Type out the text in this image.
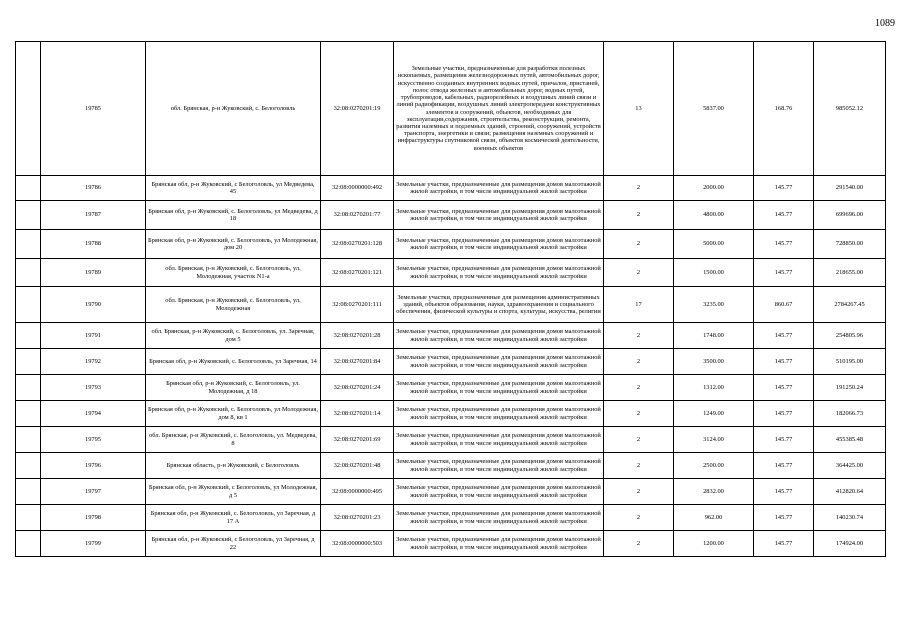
1089
	19785	обл. Брянская, р-н Жуковский, с. Белоголовль	32:08:0270201:19	Земельные участки, предназначенные для разработки полезных ископаемых, размещения железнодорожных путей, автомобильных дорог, искусственно созданных внутренних водных путей, причалов, пристаней, полос отвода железных и автомобильных дорог, водных путей, трубопроводов, кабельных, радиорелейных и воздушных линий связи и линий радиофикации, воздушных линий электропередачи конструктивных элементов и сооружений, объектов, необходимых для эксплуатации,содержания, строительства, реконструкции, ремонта, развития наземных и подземных зданий, строений, сооружений, устройств транспорта, энергетики и связи; размещения наземных сооружений и инфраструктуры спутниковой связи, объектов космической деятельности, военных объектов	13	5837.00	168.76	985052.12
	19786	Брянская обл, р-н Жуковский, с Белоголовль, ул Медведева, 45	32:08:0000000:492	Земельные участки, предназначенные для размещения домов малоэтажной жилой застройки, в том числе индивидуальной жилой застройки	2	2000.00	145.77	291540.00
	19787	Брянская обл, р-н Жуковский, с. Белоголовль, ул Медведева, д 18	32:08:0270201:77	Земельные участки, предназначенные для размещения домов малоэтажной жилой застройки, в том числе индивидуальной жилой застройки	2	4800.00	145.77	699696.00
	19788	Брянская обл, р-н Жуковский, с. Белоголовль, ул Молодежная, дом 20	32:08:0270201:128	Земельные участки, предназначенные для размещения домов малоэтажной жилой застройки, в том числе индивидуальной жилой застройки	2	5000.00	145.77	728850.00
	19789	обл. Брянская, р-н Жуковский, с. Белоголовль, ул. Молодежная, участок N1-а	32:08:0270201:121	Земельные участки, предназначенные для размещения домов малоэтажной жилой застройки, в том числе индивидуальной жилой застройки	2	1500.00	145.77	218655.00
	19790	обл. Брянская, р-н Жуковский, с. Белоголовль, ул. Молодежная	32:08:0270201:111	Земельные участки, предназначенные для размещения административных зданий, объектов образования, науки, здравоохранения и социального обеспечения, физической культуры и спорта, культуры, искусства, религии	17	3235.00	860.67	2784267.45
	19791	обл. Брянская, р-н Жуковский, с. Белоголовль, ул. Заречная, дом 5	32:08:0270201:28	Земельные участки, предназначенные для размещения домов малоэтажной жилой застройки, в том числе индивидуальной жилой застройки	2	1748.00	145.77	254805.96
	19792	Брянская обл, р-н Жуковский, с. Белоголовль, ул Заречная, 14	32:08:0270201:84	Земельные участки, предназначенные для размещения домов малоэтажной жилой застройки, в том числе индивидуальной жилой застройки	2	3500.00	145.77	510195.00
	19793	Брянская обл, р-н Жуковский, с. Белоголовль, ул. Молодежная, д 18	32:08:0270201:24	Земельные участки, предназначенные для размещения домов малоэтажной жилой застройки, в том числе индивидуальной жилой застройки	2	1312.00	145.77	191250.24
	19794	Брянская обл, р-н Жуковский, с. Белоголовль, ул Молодежная, дом 8, кв 1	32:08:0270201:14	Земельные участки, предназначенные для размещения домов малоэтажной жилой застройки, в том числе индивидуальной жилой застройки	2	1249.00	145.77	182066.73
	19795	обл. Брянская, р-н Жуковский, с. Белоголовль, ул. Медведева, 8	32:08:0270201:69	Земельные участки, предназначенные для размещения домов малоэтажной жилой застройки, в том числе индивидуальной жилой застройки	2	3124.00	145.77	455385.48
	19796	Брянская область, р-н Жуковский, с Белоголовль	32:08:0270201:48	Земельные участки, предназначенные для размещения домов малоэтажной жилой застройки, в том числе индивидуальной жилой застройки	2	2500.00	145.77	364425.00
	19797	Брянская обл, р-н Жуковский, с Белоголовль, ул Молодежная, д 5	32:08:0000000:495	Земельные участки, предназначенные для размещения домов малоэтажной жилой застройки, в том числе индивидуальной жилой застройки	2	2832.00	145.77	412820.64
	19798	Брянская обл, р-н Жуковский, с. Белоголовль, ул Заречная, д 17 А	32:08:0270201:23	Земельные участки, предназначенные для размещения домов малоэтажной жилой застройки, в том числе индивидуальной жилой застройки	2	962.00	145.77	140230.74
	19799	Брянская обл, р-н Жуковский, с Белоголовль, ул Заречная, д 22	32:08:0000000:503	Земельные участки, предназначенные для размещения домов малоэтажной жилой застройки, в том числе индивидуальной жилой застройки	2	1200.00	145.77	174924.00
